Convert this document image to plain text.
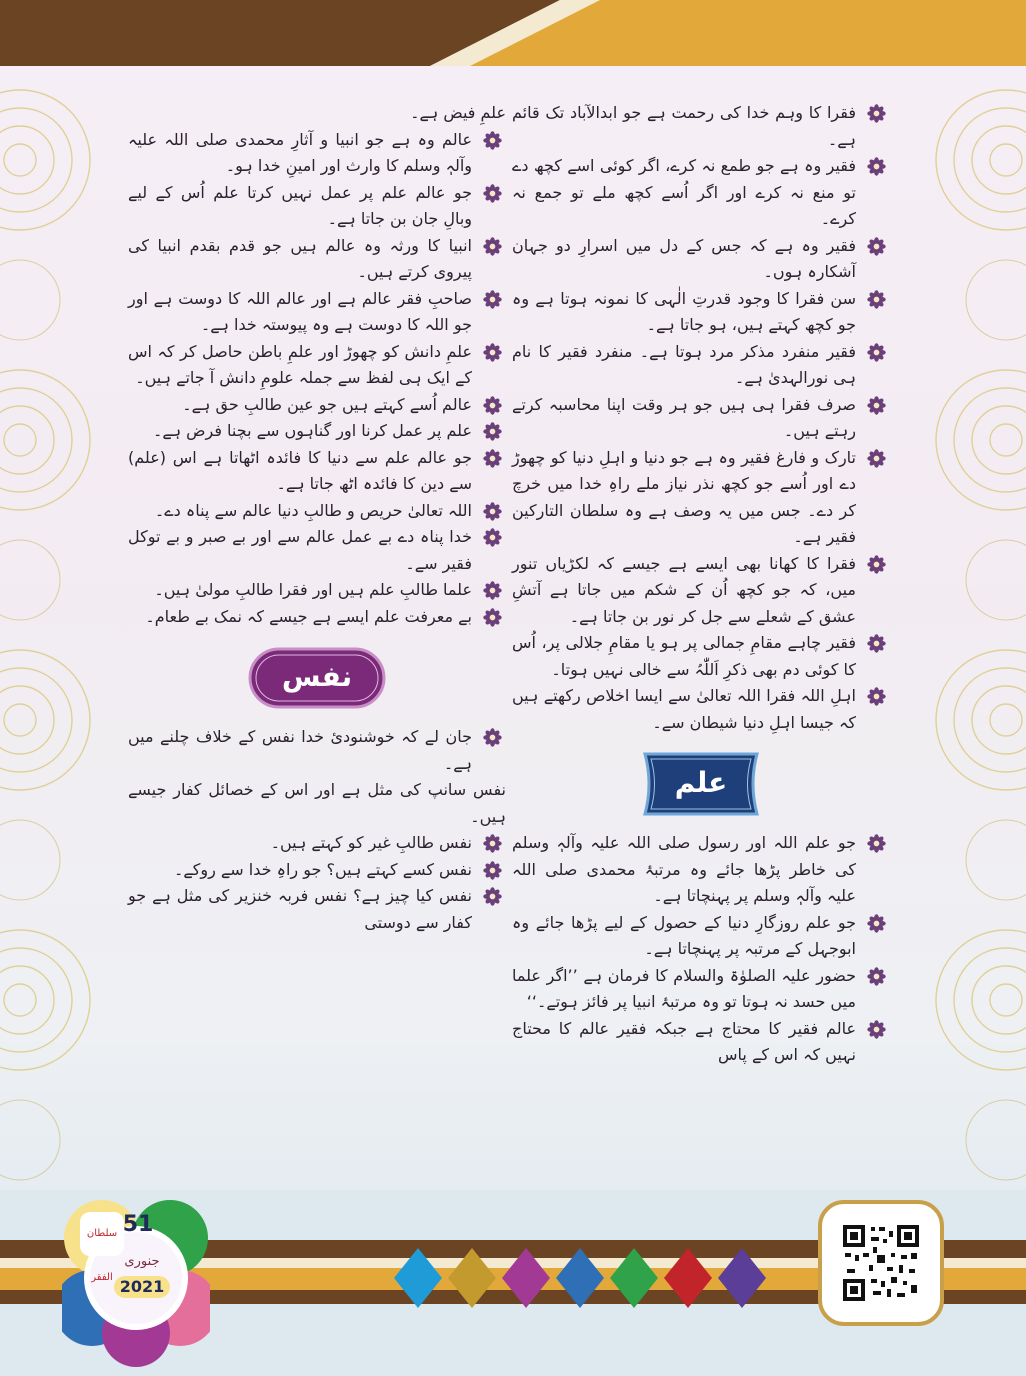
فقرا کا وہم خدا کی رحمت ہے جو ابدالآباد تک قائم ہے۔
فقیر وہ ہے جو طمع نہ کرے، اگر کوئی اسے کچھ دے تو منع نہ کرے اور اگر اُسے کچھ ملے تو جمع نہ کرے۔
فقیر وہ ہے کہ جس کے دل میں اسرارِ دو جہان آشکارہ ہوں۔
سن فقرا کا وجود قدرتِ الٰہی کا نمونہ ہوتا ہے وہ جو کچھ کہتے ہیں، ہو جاتا ہے۔
فقیر منفرد مذکر مرد ہوتا ہے۔ منفرد فقیر کا نام ہی نورالہدیٰ ہے۔
صرف فقرا ہی ہیں جو ہر وقت اپنا محاسبہ کرتے رہتے ہیں۔
تارک و فارغ فقیر وہ ہے جو دنیا و اہلِ دنیا کو چھوڑ دے اور اُسے جو کچھ نذر نیاز ملے راہِ خدا میں خرچ کر دے۔ جس میں یہ وصف ہے وہ سلطان التارکین فقیر ہے۔
فقرا کا کھانا بھی ایسے ہے جیسے کہ لکڑیاں تنور میں، کہ جو کچھ اُن کے شکم میں جاتا ہے آتشِ عشق کے شعلے سے جل کر نور بن جاتا ہے۔
فقیر چاہے مقامِ جمالی پر ہو یا مقامِ جلالی پر، اُس کا کوئی دم بھی ذکرِ اَللّٰہُ سے خالی نہیں ہوتا۔
اہلِ اللہ فقرا اللہ تعالیٰ سے ایسا اخلاص رکھتے ہیں کہ جیسا اہلِ دنیا شیطان سے۔
علم
جو علم اللہ اور رسول صلی اللہ علیہ وآلہٖ وسلم کی خاطر پڑھا جائے وہ مرتبۂ محمدی صلی اللہ علیہ وآلہٖ وسلم پر پہنچاتا ہے۔
جو علم روزگارِ دنیا کے حصول کے لیے پڑھا جائے وہ ابوجہل کے مرتبہ پر پہنچاتا ہے۔
حضور علیہ الصلوٰۃ والسلام کا فرمان ہے ’’اگر علما میں حسد نہ ہوتا تو وہ مرتبۂ انبیا پر فائز ہوتے۔‘‘
عالم فقیر کا محتاج ہے جبکہ فقیر عالم کا محتاج نہیں کہ اس کے پاس
علمِ فیض ہے۔
عالم وہ ہے جو انبیا و آثارِ محمدی صلی اللہ علیہ وآلہٖ وسلم کا وارث اور امینِ خدا ہو۔
جو عالم علم پر عمل نہیں کرتا علم اُس کے لیے وبالِ جان بن جاتا ہے۔
انبیا کا ورثہ وہ عالم ہیں جو قدم بقدم انبیا کی پیروی کرتے ہیں۔
صاحبِ فقر عالم ہے اور عالم اللہ کا دوست ہے اور جو اللہ کا دوست ہے وہ پیوستہ خدا ہے۔
علمِ دانش کو چھوڑ اور علمِ باطن حاصل کر کہ اس کے ایک ہی لفظ سے جملہ علومِ دانش آ جاتے ہیں۔
عالم اُسے کہتے ہیں جو عین طالبِ حق ہے۔
علم پر عمل کرنا اور گناہوں سے بچنا فرض ہے۔
جو عالم علم سے دنیا کا فائدہ اٹھاتا ہے اس (علم) سے دین کا فائدہ اٹھ جاتا ہے۔
اللہ تعالیٰ حریص و طالبِ دنیا عالم سے پناہ دے۔
خدا پناہ دے بے عمل عالم سے اور بے صبر و بے توکل فقیر سے۔
علما طالبِ علم ہیں اور فقرا طالبِ مولیٰ ہیں۔
بے معرفت علم ایسے ہے جیسے کہ نمک بے طعام۔
نفس
جان لے کہ خوشنودیٔ خدا نفس کے خلاف چلنے میں ہے۔
نفس سانپ کی مثل ہے اور اس کے خصائل کفار جیسے ہیں۔
نفس طالبِ غیر کو کہتے ہیں۔
نفس کسے کہتے ہیں؟ جو راہِ خدا سے روکے۔
نفس کیا چیز ہے؟ نفس فربہ خنزیر کی مثل ہے جو کفار سے دوستی
سلطان الفقر
51
جنوری
2021
